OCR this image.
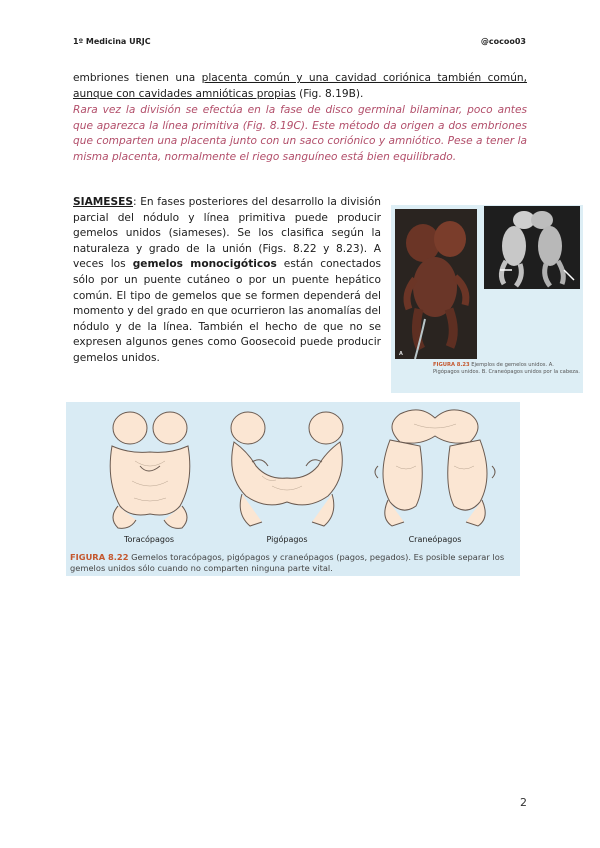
1º Medicina URJC	@cocoo03
embriones tienen una placenta común y una cavidad coriónica también común, aunque con cavidades amnióticas propias (Fig. 8.19B).
Rara vez la división se efectúa en la fase de disco germinal bilaminar, poco antes que aparezca la línea primitiva (Fig. 8.19C). Este método da origen a dos embriones que comparten una placenta junto con un saco coriónico y amniótico. Pese a tener la misma placenta, normalmente el riego sanguíneo está bien equilibrado.
SIAMESES: En fases posteriores del desarrollo la división parcial del nódulo y línea primitiva puede producir gemelos unidos (siameses). Se los clasifica según la naturaleza y grado de la unión (Figs. 8.22 y 8.23). A veces los gemelos monocigóticos están conectados sólo por un puente cutáneo o por un puente hepático común. El tipo de gemelos que se formen dependerá del momento y del grado en que ocurrieron las anomalías del nódulo y de la línea. También el hecho de que no se expresen algunos genes como Goosecoid puede producir gemelos unidos.	A
FIGURA 8.23 Ejemplos de gemelos unidos. A. Pigópagos unidos. B. Craneópagos unidos por la cabeza.
Toracópagos	Pigópagos	Craneópagos
FIGURA 8.22 Gemelos toracópagos, pigópagos y craneópagos (pagos, pegados). Es posible separar los gemelos unidos sólo cuando no comparten ninguna parte vital.
2
